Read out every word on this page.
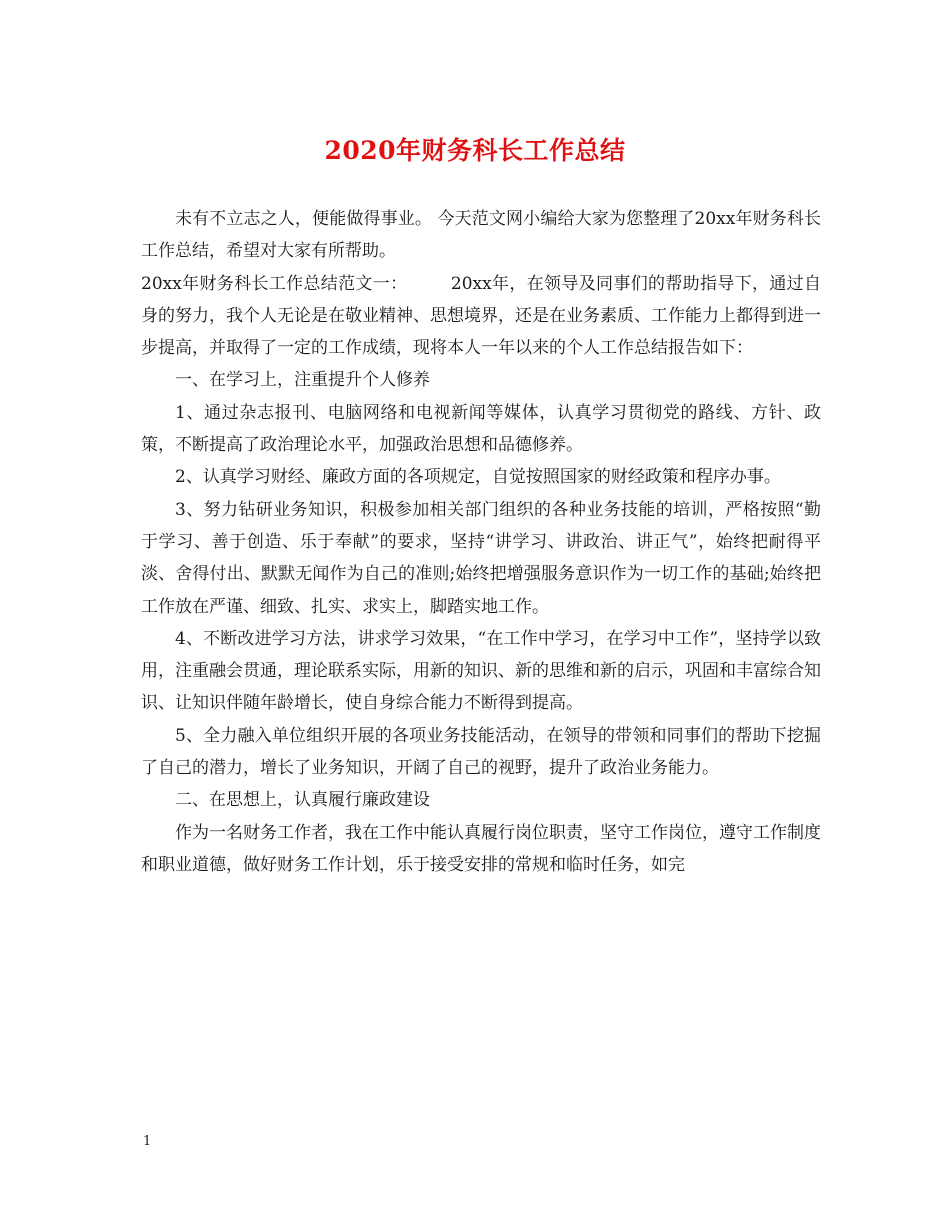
2020年财务科长工作总结

未有不立志之人，便能做得事业。 今天范文网小编给大家为您整理了20xx年财务科长工作总结，希望对大家有所帮助。

20xx年财务科长工作总结范文一：　　　20xx年，在领导及同事们的帮助指导下，通过自身的努力，我个人无论是在敬业精神、思想境界，还是在业务素质、工作能力上都得到进一步提高，并取得了一定的工作成绩，现将本人一年以来的个人工作总结报告如下：

一、在学习上，注重提升个人修养

1、通过杂志报刊、电脑网络和电视新闻等媒体，认真学习贯彻党的路线、方针、政策，不断提高了政治理论水平，加强政治思想和品德修养。

2、认真学习财经、廉政方面的各项规定，自觉按照国家的财经政策和程序办事。

3、努力钻研业务知识，积极参加相关部门组织的各种业务技能的培训，严格按照“勤于学习、善于创造、乐于奉献”的要求，坚持“讲学习、讲政治、讲正气”，始终把耐得平淡、舍得付出、默默无闻作为自己的准则;始终把增强服务意识作为一切工作的基础;始终把工作放在严谨、细致、扎实、求实上，脚踏实地工作。

4、不断改进学习方法，讲求学习效果，“在工作中学习，在学习中工作”，坚持学以致用，注重融会贯通，理论联系实际，用新的知识、新的思维和新的启示，巩固和丰富综合知识、让知识伴随年龄增长，使自身综合能力不断得到提高。

5、全力融入单位组织开展的各项业务技能活动，在领导的带领和同事们的帮助下挖掘了自己的潜力，增长了业务知识，开阔了自己的视野，提升了政治业务能力。

二、在思想上，认真履行廉政建设

作为一名财务工作者，我在工作中能认真履行岗位职责，坚守工作岗位，遵守工作制度和职业道德，做好财务工作计划，乐于接受安排的常规和临时任务，如完

1
